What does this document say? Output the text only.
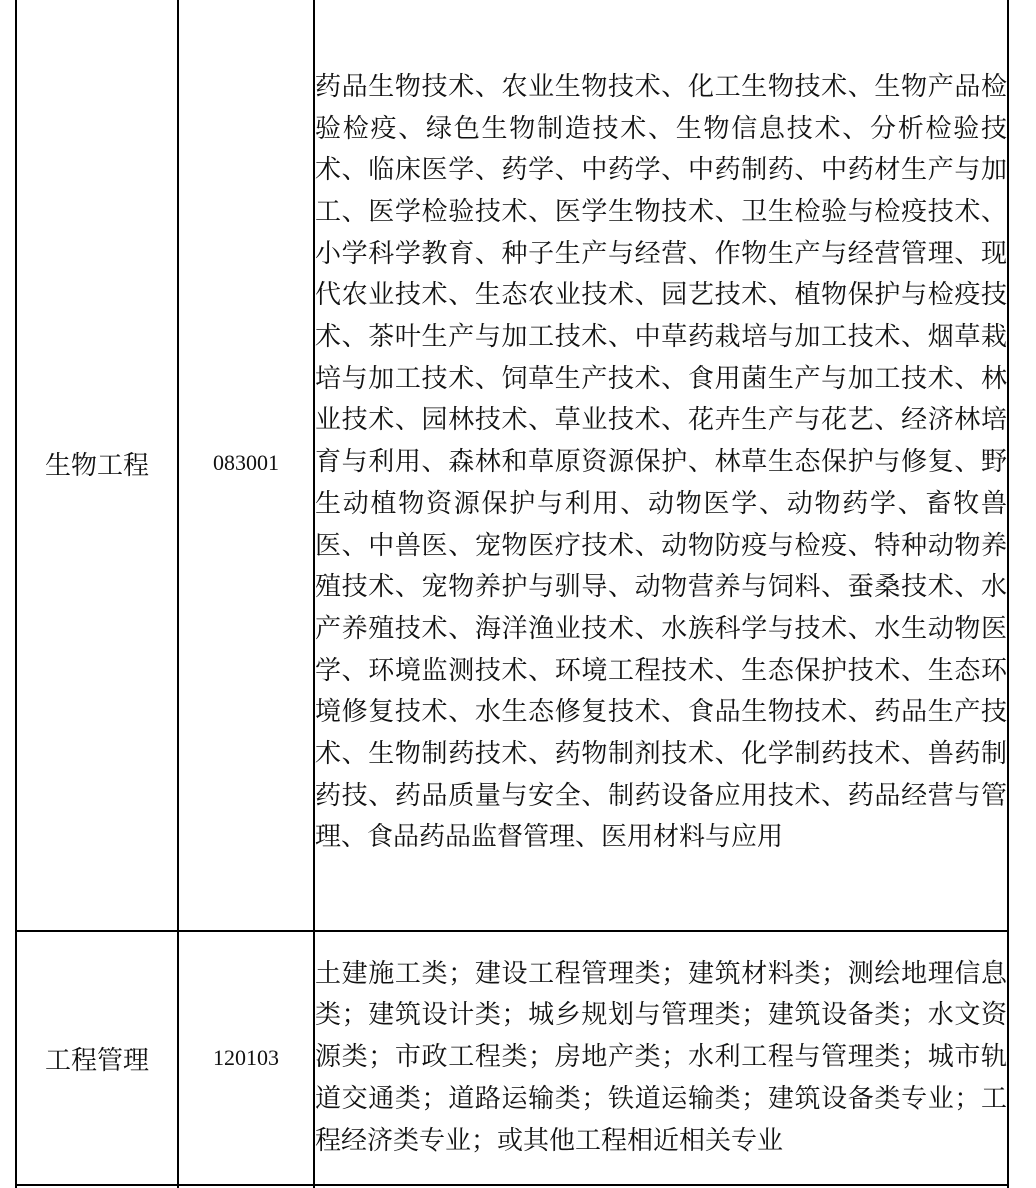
生物工程	083001	药品生物技术、农业生物技术、化工生物技术、生物产品检验检疫、绿色生物制造技术、生物信息技术、分析检验技术、临床医学、药学、中药学、中药制药、中药材生产与加工、医学检验技术、医学生物技术、卫生检验与检疫技术、小学科学教育、种子生产与经营、作物生产与经营管理、现代农业技术、生态农业技术、园艺技术、植物保护与检疫技术、茶叶生产与加工技术、中草药栽培与加工技术、烟草栽培与加工技术、饲草生产技术、食用菌生产与加工技术、林业技术、园林技术、草业技术、花卉生产与花艺、经济林培育与利用、森林和草原资源保护、林草生态保护与修复、野生动植物资源保护与利用、动物医学、动物药学、畜牧兽医、中兽医、宠物医疗技术、动物防疫与检疫、特种动物养殖技术、宠物养护与驯导、动物营养与饲料、蚕桑技术、水产养殖技术、海洋渔业技术、水族科学与技术、水生动物医学、环境监测技术、环境工程技术、生态保护技术、生态环境修复技术、水生态修复技术、食品生物技术、药品生产技术、生物制药技术、药物制剂技术、化学制药技术、兽药制药技、药品质量与安全、制药设备应用技术、药品经营与管理、食品药品监督管理、医用材料与应用
工程管理	120103	土建施工类；建设工程管理类；建筑材料类；测绘地理信息类；建筑设计类；城乡规划与管理类；建筑设备类；水文资源类；市政工程类；房地产类；水利工程与管理类；城市轨道交通类；道路运输类；铁道运输类；建筑设备类专业；工程经济类专业；或其他工程相近相关专业
